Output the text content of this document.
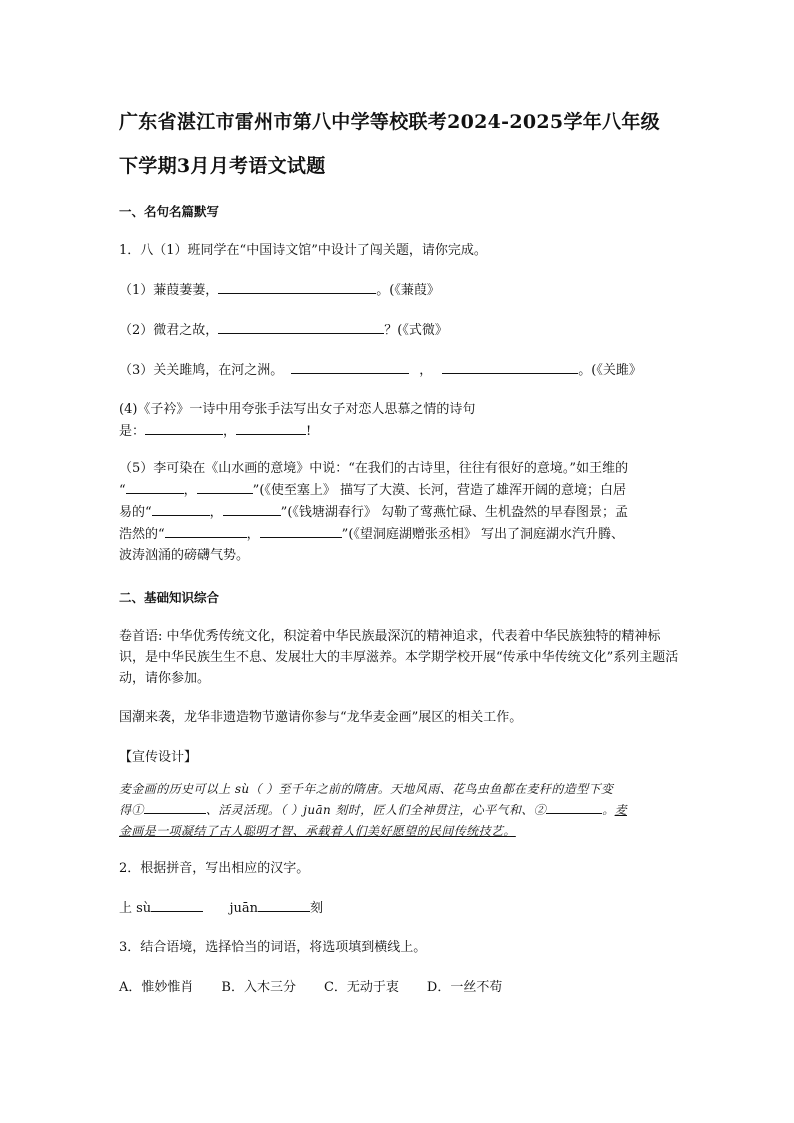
广东省湛江市雷州市第八中学等校联考2024-2025学年八年级
下学期3月月考语文试题
一、名句名篇默写

1．八（1）班同学在“中国诗文馆”中设计了闯关题，请你完成。

（1）蒹葭萋萋，	。(《蒹葭》

（2）微君之故，	？(《式微》

（3）关关雎鸠，在河之洲。	，	。(《关雎》

(4)《子衿》一诗中用夸张手法写出女子对恋人思慕之情的诗句
是：	，	!

（5）李可染在《山水画的意境》中说：“在我们的古诗里，往往有很好的意境。”如王维的
“	，	”(《使至塞上》 描写了大漠、长河，营造了雄浑开阔的意境；白居
易的“	，	”(《钱塘湖春行》 勾勒了莺燕忙碌、生机盎然的早春图景；孟
浩然的“	，	”(《望洞庭湖赠张丞相》 写出了洞庭湖水汽升腾、
波涛汹涌的磅礴气势。

二、基础知识综合

卷首语: 中华优秀传统文化，积淀着中华民族最深沉的精神追求，代表着中华民族独特的精神标识，是中华民族生生不息、发展壮大的丰厚滋养。本学期学校开展“传承中华传统文化”系列主题活动，请你参加。

国潮来袭，龙华非遗造物节邀请你参与“龙华麦金画”展区的相关工作。

【宣传设计】
麦金画的历史可以上 sù（ ）至千年之前的隋唐。天地风雨、花鸟虫鱼都在麦秆的造型下变
得①	、活灵活现。（ ）juān 刻时，匠人们全神贯注，心平气和、②	。麦
金画是一项凝结了古人聪明才智、承载着人们美好愿望的民间传统技艺。

2．根据拼音，写出相应的汉字。

上 sù	juān	刻

3．结合语境，选择恰当的词语，将选项填到横线上。

A．惟妙惟肖 B．入木三分 C．无动于衷 D．一丝不苟
